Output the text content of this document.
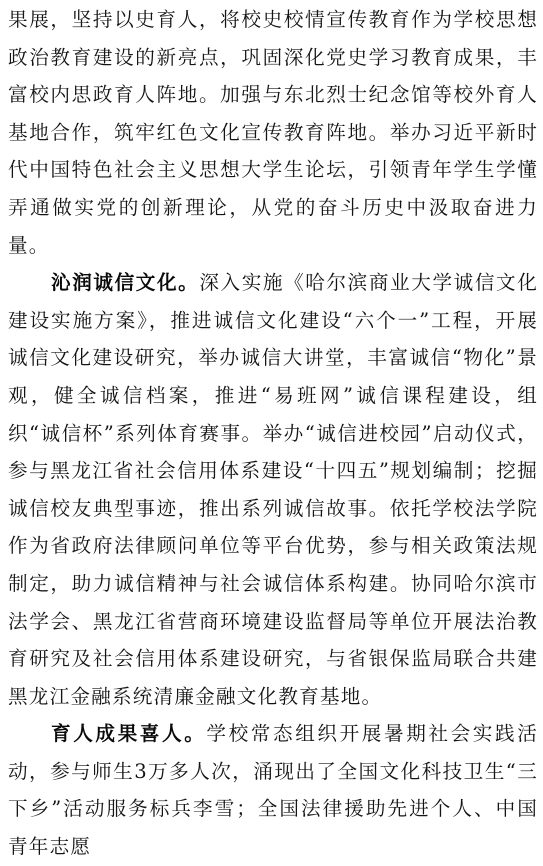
果展，坚持以史育人，将校史校情宣传教育作为学校思想政治教育建设的新亮点，巩固深化党史学习教育成果，丰富校内思政育人阵地。加强与东北烈士纪念馆等校外育人基地合作，筑牢红色文化宣传教育阵地。举办习近平新时代中国特色社会主义思想大学生论坛，引领青年学生学懂弄通做实党的创新理论，从党的奋斗历史中汲取奋进力量。

沁润诚信文化。深入实施《哈尔滨商业大学诚信文化建设实施方案》，推进诚信文化建设“六个一”工程，开展诚信文化建设研究，举办诚信大讲堂，丰富诚信“物化”景观，健全诚信档案，推进“易班网”诚信课程建设，组织“诚信杯”系列体育赛事。举办“诚信进校园”启动仪式，参与黑龙江省社会信用体系建设“十四五”规划编制；挖掘诚信校友典型事迹，推出系列诚信故事。依托学校法学院作为省政府法律顾问单位等平台优势，参与相关政策法规制定，助力诚信精神与社会诚信体系构建。协同哈尔滨市法学会、黑龙江省营商环境建设监督局等单位开展法治教育研究及社会信用体系建设研究，与省银保监局联合共建黑龙江金融系统清廉金融文化教育基地。

育人成果喜人。学校常态组织开展暑期社会实践活动，参与师生3万多人次，涌现出了全国文化科技卫生“三下乡”活动服务标兵李雪；全国法律援助先进个人、中国青年志愿
